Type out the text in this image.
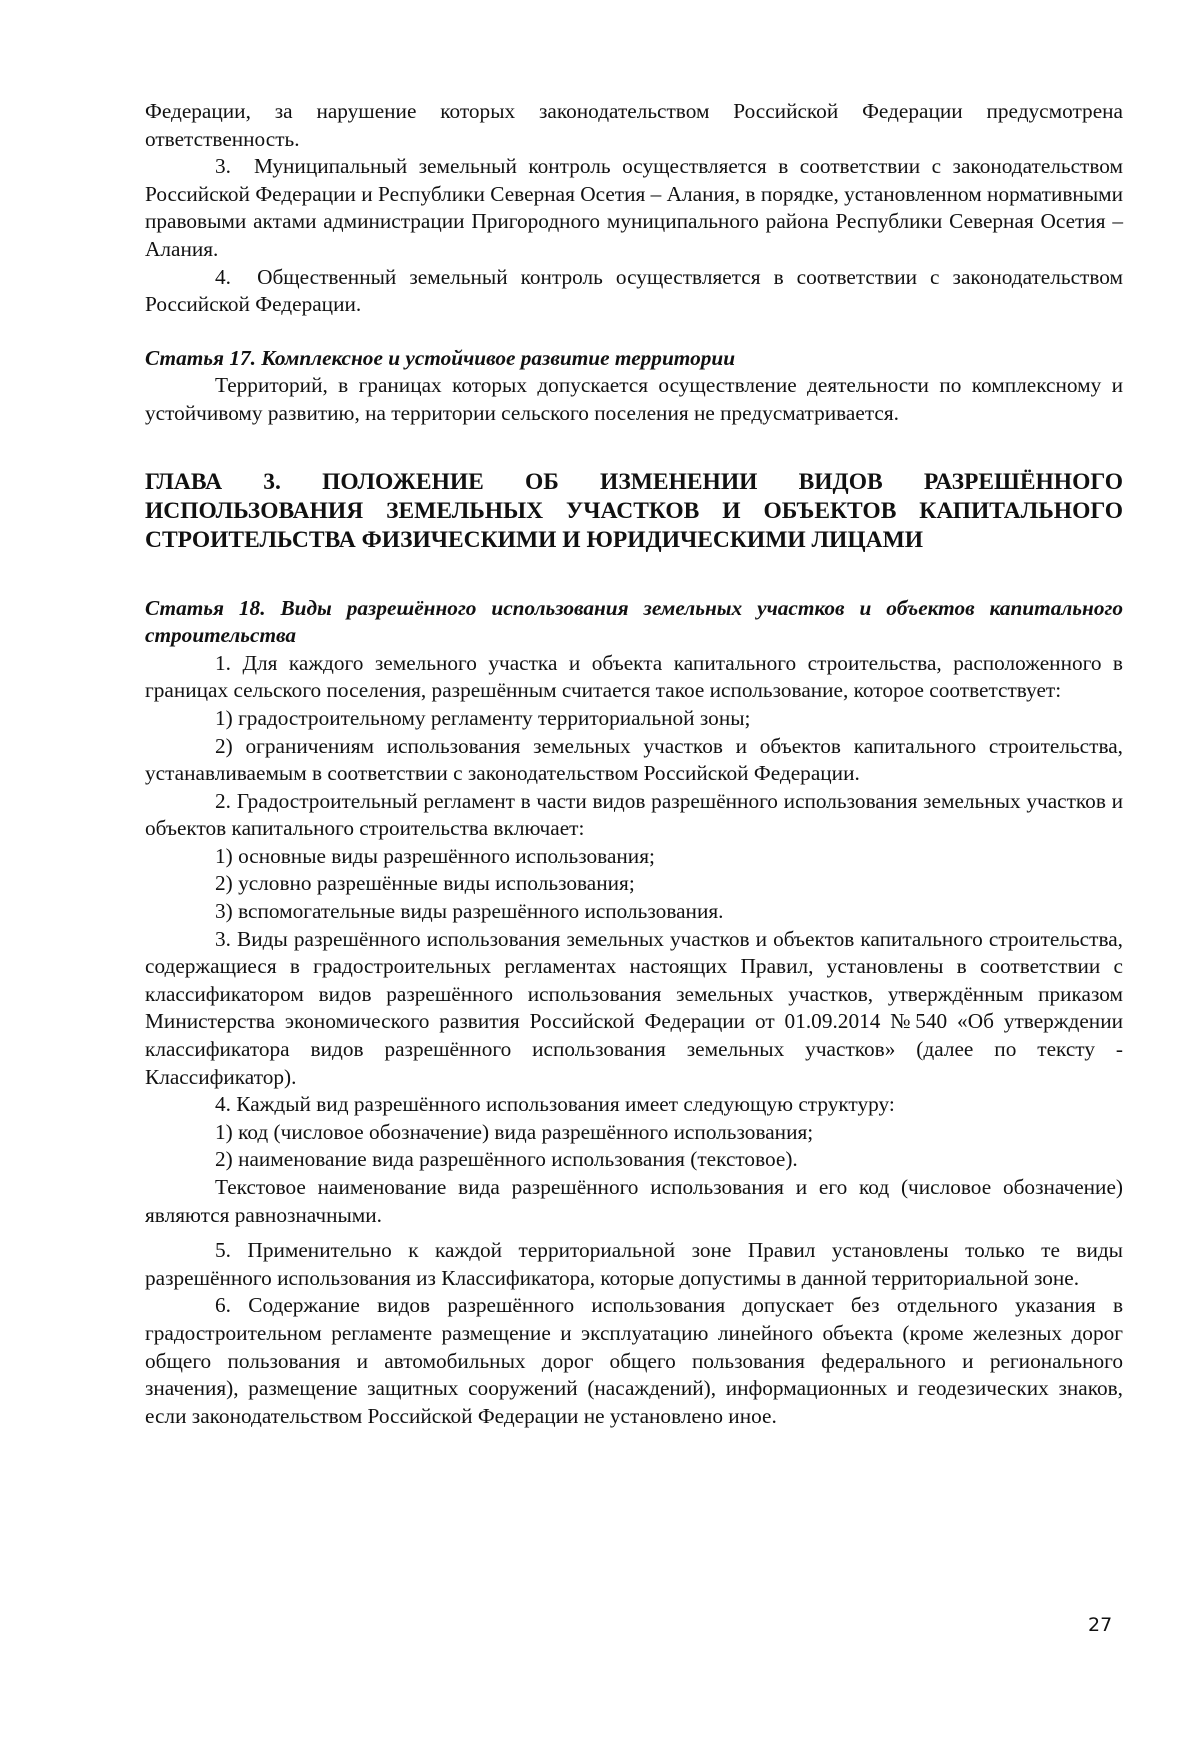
Федерации, за нарушение которых законодательством Российской Федерации предусмотрена ответственность.

3.  Муниципальный земельный контроль осуществляется в соответствии с законодательством Российской Федерации и Республики Северная Осетия – Алания, в порядке, установленном нормативными правовыми актами администрации Пригородного муниципального района Республики Северная Осетия – Алания.

4.  Общественный земельный контроль осуществляется в соответствии с законодательством Российской Федерации.

Статья 17. Комплексное и устойчивое развитие территории

Территорий, в границах которых допускается осуществление деятельности по комплексному и устойчивому развитию, на территории сельского поселения не предусматривается.

ГЛАВА 3. ПОЛОЖЕНИЕ ОБ ИЗМЕНЕНИИ ВИДОВ РАЗРЕШЁННОГО ИСПОЛЬЗОВАНИЯ ЗЕМЕЛЬНЫХ УЧАСТКОВ И ОБЪЕКТОВ КАПИТАЛЬНОГО СТРОИТЕЛЬСТВА ФИЗИЧЕСКИМИ И ЮРИДИЧЕСКИМИ ЛИЦАМИ

Статья 18. Виды разрешённого использования земельных участков и объектов капитального строительства

1. Для каждого земельного участка и объекта капитального строительства, расположенного в границах сельского поселения, разрешённым считается такое использование, которое соответствует:

1) градостроительному регламенту территориальной зоны;

2) ограничениям использования земельных участков и объектов капитального строительства, устанавливаемым в соответствии с законодательством Российской Федерации.

2. Градостроительный регламент в части видов разрешённого использования земельных участков и объектов капитального строительства включает:

1) основные виды разрешённого использования;

2) условно разрешённые виды использования;

3) вспомогательные виды разрешённого использования.

3. Виды разрешённого использования земельных участков и объектов капитального строительства, содержащиеся в градостроительных регламентах настоящих Правил, установлены в соответствии с классификатором видов разрешённого использования земельных участков, утверждённым приказом Министерства экономического развития Российской Федерации от 01.09.2014 №540 «Об утверждении классификатора видов разрешённого использования земельных участков» (далее по тексту - Классификатор).

4. Каждый вид разрешённого использования имеет следующую структуру:

1) код (числовое обозначение) вида разрешённого использования;

2) наименование вида разрешённого использования (текстовое).

Текстовое наименование вида разрешённого использования и его код (числовое обозначение) являются равнозначными.

5. Применительно к каждой территориальной зоне Правил установлены только те виды разрешённого использования из Классификатора, которые допустимы в данной территориальной зоне.

6. Содержание видов разрешённого использования допускает без отдельного указания в градостроительном регламенте размещение и эксплуатацию линейного объекта (кроме железных дорог общего пользования и автомобильных дорог общего пользования федерального и регионального значения), размещение защитных сооружений (насаждений), информационных и геодезических знаков, если законодательством Российской Федерации не установлено иное.

27
